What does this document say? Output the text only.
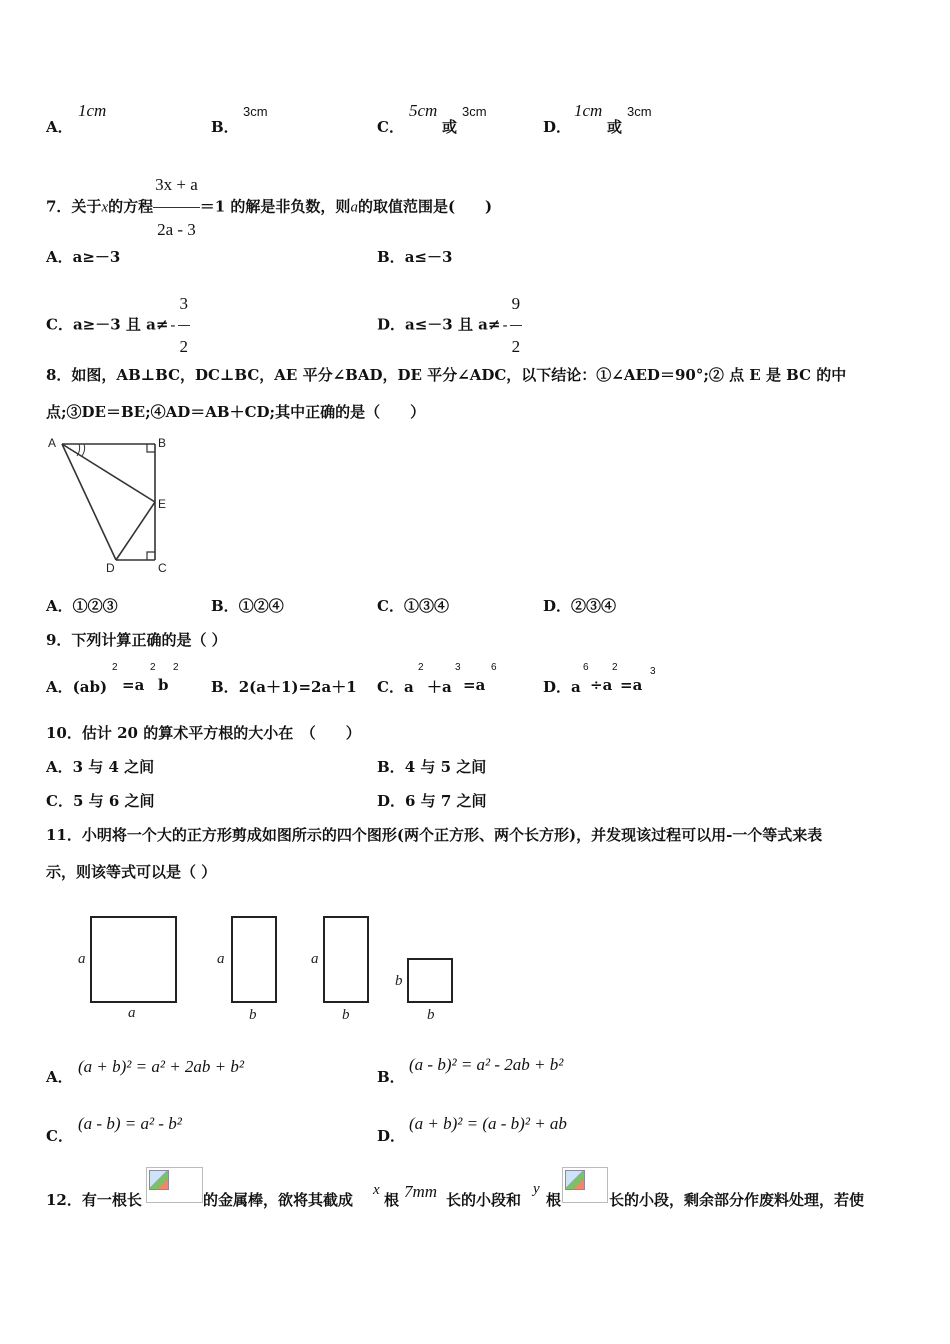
A．
1cm
B．
3cm
C．
5cm
或
3cm
D．
1cm
或
3cm
7．关于x的方程 $\frac{3x + a}{2a - 3} =1$ 的解是非负数，则a的取值范围是(　　)
A．a≥－3	B．a≤－3
C．a≥－3 且 $a\ne - \frac{3}{2}$	D．a≤－3 且 $a\ne - \frac{9}{2}$
8．如图，AB⊥BC，DC⊥BC，AE 平分∠BAD，DE 平分∠ADC，以下结论：①∠AED＝90°;② 点 E 是 BC 的中
点;③DE＝BE;④AD＝AB＋CD;其中正确的是（　　）
A	B
E
D	C
A．①②③	B．①②④	C．①③④	D．②③④
9．下列计算正确的是（ ）
A．(ab)
2
=a
2
b
2
B．2(a＋1)=2a＋1 C．a
2
＋a
3
=a
6
D．a
6
÷a
2
=a
3
10．估计 20 的算术平方根的大小在　（　　）
A．3 与 4 之间	B．4 与 5 之间
C．5 与 6 之间	D．6 与 7 之间
11．小明将一个大的正方形剪成如图所示的四个图形(两个正方形、两个长方形)，并发现该过程可以用-一个等式来表
示，则该等式可以是（ ）
a
a
a
b
a
b
b
b
A．
(a + b)² = a² + 2ab + b²
B．
(a - b)² = a² - 2ab + b²
C．
(a - b) = a² - b²
D．
(a + b)² = (a - b)² + ab
12．有一根长	的金属棒，欲将其截成
x
根 7mm 长的小段和
y
根	长的小段，剩余部分作废料处理，若使
